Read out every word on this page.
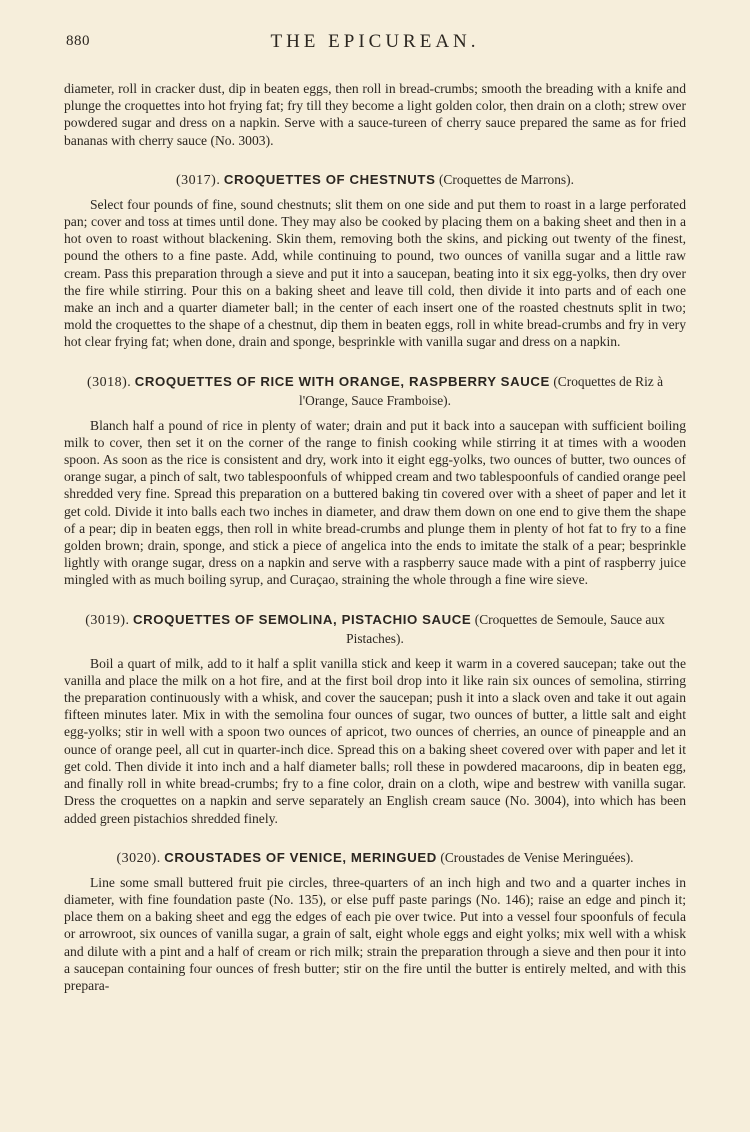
880	THE EPICUREAN.

diameter, roll in cracker dust, dip in beaten eggs, then roll in bread-crumbs; smooth the breading with a knife and plunge the croquettes into hot frying fat; fry till they become a light golden color, then drain on a cloth; strew over powdered sugar and dress on a napkin. Serve with a sauce-tureen of cherry sauce prepared the same as for fried bananas with cherry sauce (No. 3003).

(3017). CROQUETTES OF CHESTNUTS (Croquettes de Marrons).

Select four pounds of fine, sound chestnuts; slit them on one side and put them to roast in a large perforated pan; cover and toss at times until done. They may also be cooked by placing them on a baking sheet and then in a hot oven to roast without blackening. Skin them, removing both the skins, and picking out twenty of the finest, pound the others to a fine paste. Add, while continuing to pound, two ounces of vanilla sugar and a little raw cream. Pass this preparation through a sieve and put it into a saucepan, beating into it six egg-yolks, then dry over the fire while stirring. Pour this on a baking sheet and leave till cold, then divide it into parts and of each one make an inch and a quarter diameter ball; in the center of each insert one of the roasted chestnuts split in two; mold the croquettes to the shape of a chestnut, dip them in beaten eggs, roll in white bread-crumbs and fry in very hot clear frying fat; when done, drain and sponge, besprinkle with vanilla sugar and dress on a napkin.

(3018). CROQUETTES OF RICE WITH ORANGE, RASPBERRY SAUCE (Croquettes de Riz à l'Orange, Sauce Framboise).

Blanch half a pound of rice in plenty of water; drain and put it back into a saucepan with sufficient boiling milk to cover, then set it on the corner of the range to finish cooking while stirring it at times with a wooden spoon. As soon as the rice is consistent and dry, work into it eight egg-yolks, two ounces of butter, two ounces of orange sugar, a pinch of salt, two tablespoonfuls of whipped cream and two tablespoonfuls of candied orange peel shredded very fine. Spread this preparation on a buttered baking tin covered over with a sheet of paper and let it get cold. Divide it into balls each two inches in diameter, and draw them down on one end to give them the shape of a pear; dip in beaten eggs, then roll in white bread-crumbs and plunge them in plenty of hot fat to fry to a fine golden brown; drain, sponge, and stick a piece of angelica into the ends to imitate the stalk of a pear; besprinkle lightly with orange sugar, dress on a napkin and serve with a raspberry sauce made with a pint of raspberry juice mingled with as much boiling syrup, and Curaçao, straining the whole through a fine wire sieve.

(3019). CROQUETTES OF SEMOLINA, PISTACHIO SAUCE (Croquettes de Semoule, Sauce aux Pistaches).

Boil a quart of milk, add to it half a split vanilla stick and keep it warm in a covered saucepan; take out the vanilla and place the milk on a hot fire, and at the first boil drop into it like rain six ounces of semolina, stirring the preparation continuously with a whisk, and cover the saucepan; push it into a slack oven and take it out again fifteen minutes later. Mix in with the semolina four ounces of sugar, two ounces of butter, a little salt and eight egg-yolks; stir in well with a spoon two ounces of apricot, two ounces of cherries, an ounce of pineapple and an ounce of orange peel, all cut in quarter-inch dice. Spread this on a baking sheet covered over with paper and let it get cold. Then divide it into inch and a half diameter balls; roll these in powdered macaroons, dip in beaten egg, and finally roll in white bread-crumbs; fry to a fine color, drain on a cloth, wipe and bestrew with vanilla sugar. Dress the croquettes on a napkin and serve separately an English cream sauce (No. 3004), into which has been added green pistachios shredded finely.

(3020). CROUSTADES OF VENICE, MERINGUED (Croustades de Venise Meringuées).

Line some small buttered fruit pie circles, three-quarters of an inch high and two and a quarter inches in diameter, with fine foundation paste (No. 135), or else puff paste parings (No. 146); raise an edge and pinch it; place them on a baking sheet and egg the edges of each pie over twice. Put into a vessel four spoonfuls of fecula or arrowroot, six ounces of vanilla sugar, a grain of salt, eight whole eggs and eight yolks; mix well with a whisk and dilute with a pint and a half of cream or rich milk; strain the preparation through a sieve and then pour it into a saucepan containing four ounces of fresh butter; stir on the fire until the butter is entirely melted, and with this prepara-
